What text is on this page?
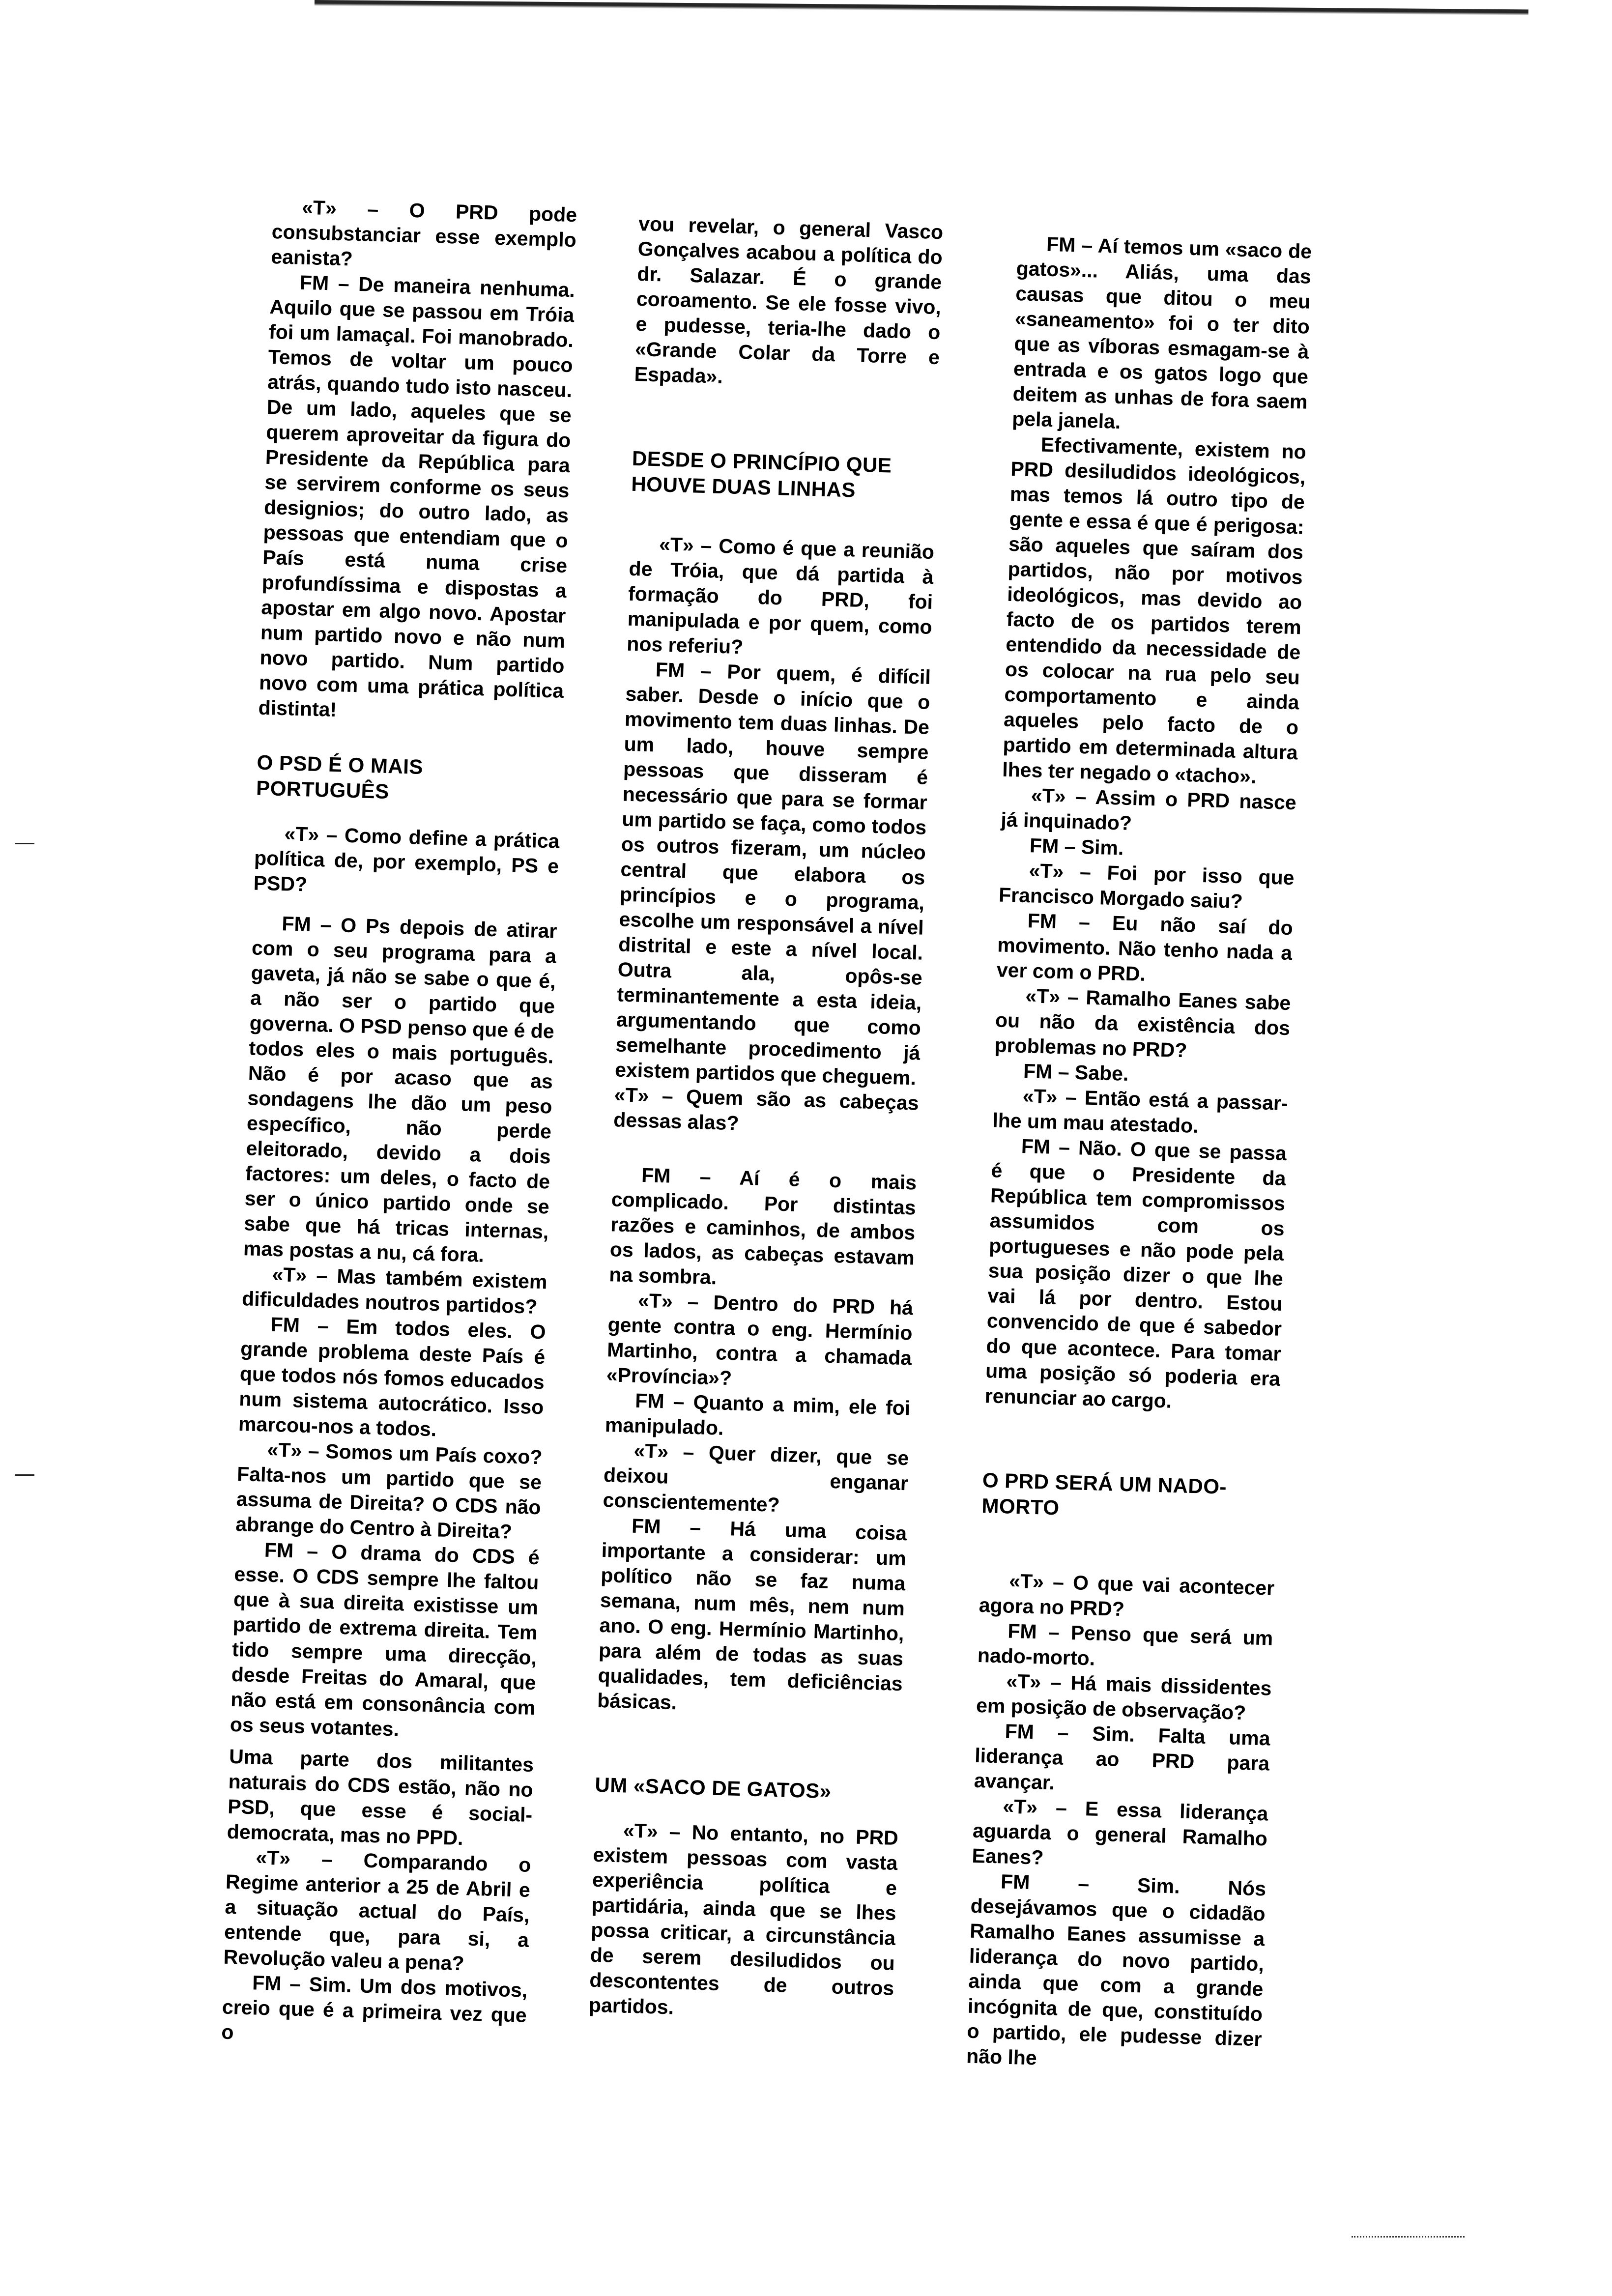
«T» – O PRD pode consubstanciar esse exemplo eanista?

FM – De maneira nenhuma. Aquilo que se passou em Tróia foi um lamaçal. Foi manobrado. Temos de voltar um pouco atrás, quando tudo isto nasceu. De um lado, aqueles que se querem aproveitar da figura do Presidente da República para se servirem conforme os seus designios; do outro lado, as pessoas que entendiam que o País está numa crise profundíssima e dispostas a apostar em algo novo. Apostar num partido novo e não num novo partido. Num partido novo com uma prática política distinta!

O PSD É O MAIS PORTUGUÊS

«T» – Como define a prática política de, por exemplo, PS e PSD?

FM – O Ps depois de atirar com o seu programa para a gaveta, já não se sabe o que é, a não ser o partido que governa. O PSD penso que é de todos eles o mais português. Não é por acaso que as sondagens lhe dão um peso específico, não perde eleitorado, devido a dois factores: um deles, o facto de ser o único partido onde se sabe que há tricas internas, mas postas a nu, cá fora.

«T» – Mas também existem dificuldades noutros partidos?

FM – Em todos eles. O grande problema deste País é que todos nós fomos educados num sistema autocrático. Isso marcou-nos a todos.

«T» – Somos um País coxo? Falta-nos um partido que se assuma de Direita? O CDS não abrange do Centro à Direita?

FM – O drama do CDS é esse. O CDS sempre lhe faltou que à sua direita existisse um partido de extrema direita. Tem tido sempre uma direcção, desde Freitas do Amaral, que não está em consonância com os seus votantes.

Uma parte dos militantes naturais do CDS estão, não no PSD, que esse é social-democrata, mas no PPD.

«T» – Comparando o Regime anterior a 25 de Abril e a situação actual do País, entende que, para si, a Revolução valeu a pena?

FM – Sim. Um dos motivos, creio que é a primeira vez que o

vou revelar, o general Vasco Gonçalves acabou a política do dr. Salazar. É o grande coroamento. Se ele fosse vivo, e pudesse, teria-lhe dado o «Grande Colar da Torre e Espada».

DESDE O PRINCÍPIO QUE HOUVE DUAS LINHAS

«T» – Como é que a reunião de Tróia, que dá partida à formação do PRD, foi manipulada e por quem, como nos referiu?

FM – Por quem, é difícil saber. Desde o início que o movimento tem duas linhas. De um lado, houve sempre pessoas que disseram é necessário que para se formar um partido se faça, como todos os outros fizeram, um núcleo central que elabora os princípios e o programa, escolhe um responsável a nível distrital e este a nível local. Outra ala, opôs-se terminantemente a esta ideia, argumentando que como semelhante procedimento já existem partidos que cheguem.

«T» – Quem são as cabeças dessas alas?

FM – Aí é o mais complicado. Por distintas razões e caminhos, de ambos os lados, as cabeças estavam na sombra.

«T» – Dentro do PRD há gente contra o eng. Hermínio Martinho, contra a chamada «Província»?

FM – Quanto a mim, ele foi manipulado.

«T» – Quer dizer, que se deixou enganar conscientemente?

FM – Há uma coisa importante a considerar: um político não se faz numa semana, num mês, nem num ano. O eng. Hermínio Martinho, para além de todas as suas qualidades, tem deficiências básicas.

UM «SACO DE GATOS»

«T» – No entanto, no PRD existem pessoas com vasta experiência política e partidária, ainda que se lhes possa criticar, a circunstância de serem desiludidos ou descontentes de outros partidos.

FM – Aí temos um «saco de gatos»... Aliás, uma das causas que ditou o meu «saneamento» foi o ter dito que as víboras esmagam-se à entrada e os gatos logo que deitem as unhas de fora saem pela janela.

Efectivamente, existem no PRD desiludidos ideológicos, mas temos lá outro tipo de gente e essa é que é perigosa: são aqueles que saíram dos partidos, não por motivos ideológicos, mas devido ao facto de os partidos terem entendido da necessidade de os colocar na rua pelo seu comportamento e ainda aqueles pelo facto de o partido em determinada altura lhes ter negado o «tacho».

«T» – Assim o PRD nasce já inquinado?

FM – Sim.

«T» – Foi por isso que Francisco Morgado saiu?

FM – Eu não saí do movimento. Não tenho nada a ver com o PRD.

«T» – Ramalho Eanes sabe ou não da existência dos problemas no PRD?

FM – Sabe.

«T» – Então está a passar-lhe um mau atestado.

FM – Não. O que se passa é que o Presidente da República tem compromissos assumidos com os portugueses e não pode pela sua posição dizer o que lhe vai lá por dentro. Estou convencido de que é sabedor do que acontece. Para tomar uma posição só poderia era renunciar ao cargo.

O PRD SERÁ UM NADO-MORTO

«T» – O que vai acontecer agora no PRD?

FM – Penso que será um nado-morto.

«T» – Há mais dissidentes em posição de observação?

FM – Sim. Falta uma liderança ao PRD para avançar.

«T» – E essa liderança aguarda o general Ramalho Eanes?

FM – Sim. Nós desejávamos que o cidadão Ramalho Eanes assumisse a liderança do novo partido, ainda que com a grande incógnita de que, constituído o partido, ele pudesse dizer não lhe
